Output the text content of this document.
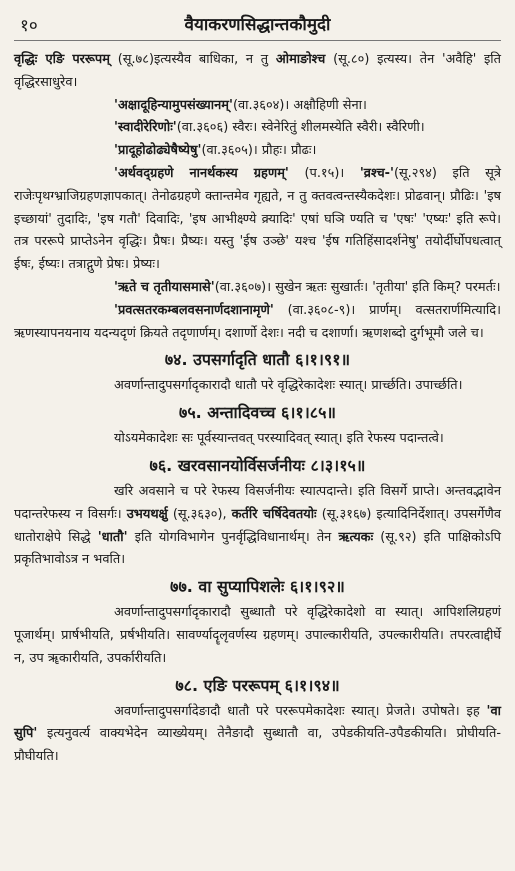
१०	वैयाकरणसिद्धान्तकौमुदी

वृद्धिः एङि पररूपम् (सू.७८)इत्यस्यैव बाधिका, न तु ओमाङोश्च (सू.८०) इत्यस्य। तेन 'अवैहि' इति वृद्धिरसाधुरेव।

'अक्षादूहिन्यामुपसंख्यानम्'(वा.३६०४)। अक्षौहिणी सेना।

'स्वादीरेरिणोः'(वा.३६०६) स्वैरः। स्वेनेरितुं शीलमस्येति स्वैरी। स्वैरिणी।

'प्रादूहोढोढ्येषैष्येषु'(वा.३६०५)। प्रौहः। प्रौढः।

'अर्थवद्ग्रहणे नानर्थकस्य ग्रहणम्' (प.१५)। 'व्रश्च-'(सू.२९४) इति सूत्रे राजेःपृथग्भ्राजिग्रहणज्ञापकात्। तेनोढग्रहणे क्तान्तमेव गृह्यते, न तु क्तवत्वन्तस्यैकदेशः। प्रोढवान्। प्रौढिः। 'इष इच्छायां' तुदादिः, 'इष गतौ' दिवादिः, 'इष आभीक्ष्ण्ये क्र्यादिः' एषां घञि ण्यति च 'एषः' 'एष्यः' इति रूपे। तत्र पररूपे प्राप्तेऽनेन वृद्धिः। प्रैषः। प्रैष्यः। यस्तु 'ईष उञ्छे' यश्च 'ईष गतिहिंसादर्शनेषु' तयोर्दीर्घोपधत्वात् ईषः, ईष्यः। तत्राद्गुणे प्रेषः। प्रेष्यः।

'ऋते च तृतीयासमासे'(वा.३६०७)। सुखेन ऋतः सुखार्तः। 'तृतीया' इति किम्? परमर्तः।

'प्रवत्सतरकम्बलवसनार्णदशानामृणे' (वा.३६०८-९)। प्रार्णम्। वत्सतरार्णमित्यादि। ऋणस्यापनयनाय यदन्यदृणं क्रियते तदृणार्णम्। दशार्णो देशः। नदी च दशार्णा। ऋणशब्दो दुर्गभूमौ जले च।

७४. उपसर्गादृति धातौ ६।१।९१॥

अवर्णान्तादुपसर्गादृकारादौ धातौ परे वृद्धिरेकादेशः स्यात्। प्रार्च्छति। उपार्च्छति।

७५. अन्तादिवच्च ६।१।८५॥

योऽयमेकादेशः सः पूर्वस्यान्तवत् परस्यादिवत् स्यात्। इति रेफस्य पदान्तत्वे।

७६. खरवसानयोर्विसर्जनीयः ८।३।१५॥

खरि अवसाने च परे रेफस्य विसर्जनीयः स्यात्पदान्ते। इति विसर्गे प्राप्ते। अन्तवद्भावेन पदान्तरेफस्य न विसर्गः। उभयथर्क्षु (सू.३६३०), कर्तरि चर्षिदेवतयोः (सू.३१६७) इत्यादिनिर्देशात्। उपसर्गेणैव धातोराक्षेपे सिद्धे 'धातौ' इति योगविभागेन पुनर्वृद्धिविधानार्थम्। तेन ऋत्यकः (सू.९२) इति पाक्षिकोऽपि प्रकृतिभावोऽत्र न भवति।

७७. वा सुप्यापिशलेः ६।१।९२॥

अवर्णान्तादुपसर्गादृकारादौ सुब्धातौ परे वृद्धिरेकादेशो वा स्यात्। आपिशलिग्रहणं पूजार्थम्। प्रार्षभीयति, प्रर्षभीयति। सावर्ण्यादॄलृवर्णस्य ग्रहणम्। उपाल्कारीयति, उपल्कारीयति। तपरत्वाद्दीर्घे न, उप ॠकारीयति, उपर्कारीयति।

७८. एङि पररूपम् ६।१।९४॥

अवर्णान्तादुपसर्गादेङादौ धातौ परे पररूपमेकादेशः स्यात्। प्रेजते। उपोषते। इह 'वा सुपि' इत्यनुवर्त्य वाक्यभेदेन व्याख्येयम्। तेनैङादौ सुब्धातौ वा, उपेडकीयति-उपैडकीयति। प्रोघीयति-प्रौघीयति।
